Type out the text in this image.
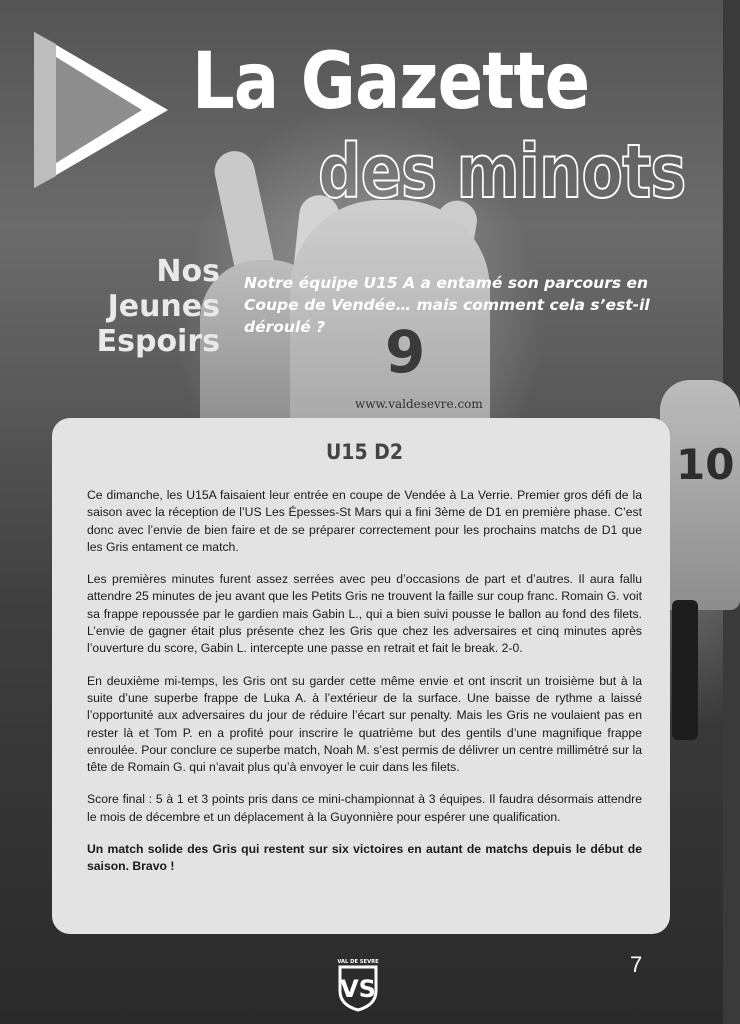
9
www.valdesevre.com
10
La Gazette
des minots
Nos
Jeunes
Espoirs

Notre équipe U15 A a entamé son parcours en Coupe de Vendée… mais comment cela s’est-il déroulé ?

U15 D2

Ce dimanche, les U15A faisaient leur entrée en coupe de Vendée à La Verrie. Premier gros défi de la saison avec la réception de l’US Les Épesses-St Mars qui a fini 3ème de D1 en première phase. C’est donc avec l’envie de bien faire et de se préparer correctement pour les prochains matchs de D1 que les Gris entament ce match.

Les premières minutes furent assez serrées avec peu d’occasions de part et d’autres. Il aura fallu attendre 25 minutes de jeu avant que les Petits Gris ne trouvent la faille sur coup franc. Romain G. voit sa frappe repoussée par le gardien mais Gabin L., qui a bien suivi pousse le ballon au fond des filets. L’envie de gagner était plus présente chez les Gris que chez les adversaires et cinq minutes après l’ouverture du score, Gabin L. intercepte une passe en retrait et fait le break. 2-0.

En deuxième mi-temps, les Gris ont su garder cette même envie et ont inscrit un troisième but à la suite d’une superbe frappe de Luka A. à l’extérieur de la surface. Une baisse de rythme a laissé l’opportunité aux adversaires du jour de réduire l’écart sur penalty. Mais les Gris ne voulaient pas en rester là et Tom P. en a profité pour inscrire le quatrième but des gentils d’une magnifique frappe enroulée. Pour conclure ce superbe match, Noah M. s’est permis de délivrer un centre millimétré sur la tête de Romain G. qui n’avait plus qu’à envoyer le cuir dans les filets.

Score final : 5 à 1 et 3 points pris dans ce mini-championnat à 3 équipes. Il faudra désormais attendre le mois de décembre et un déplacement à la Guyonnière pour espérer une qualification.

Un match solide des Gris qui restent sur six victoires en autant de matchs depuis le début de saison. Bravo !

VAL DE SEVRE
VS
7
